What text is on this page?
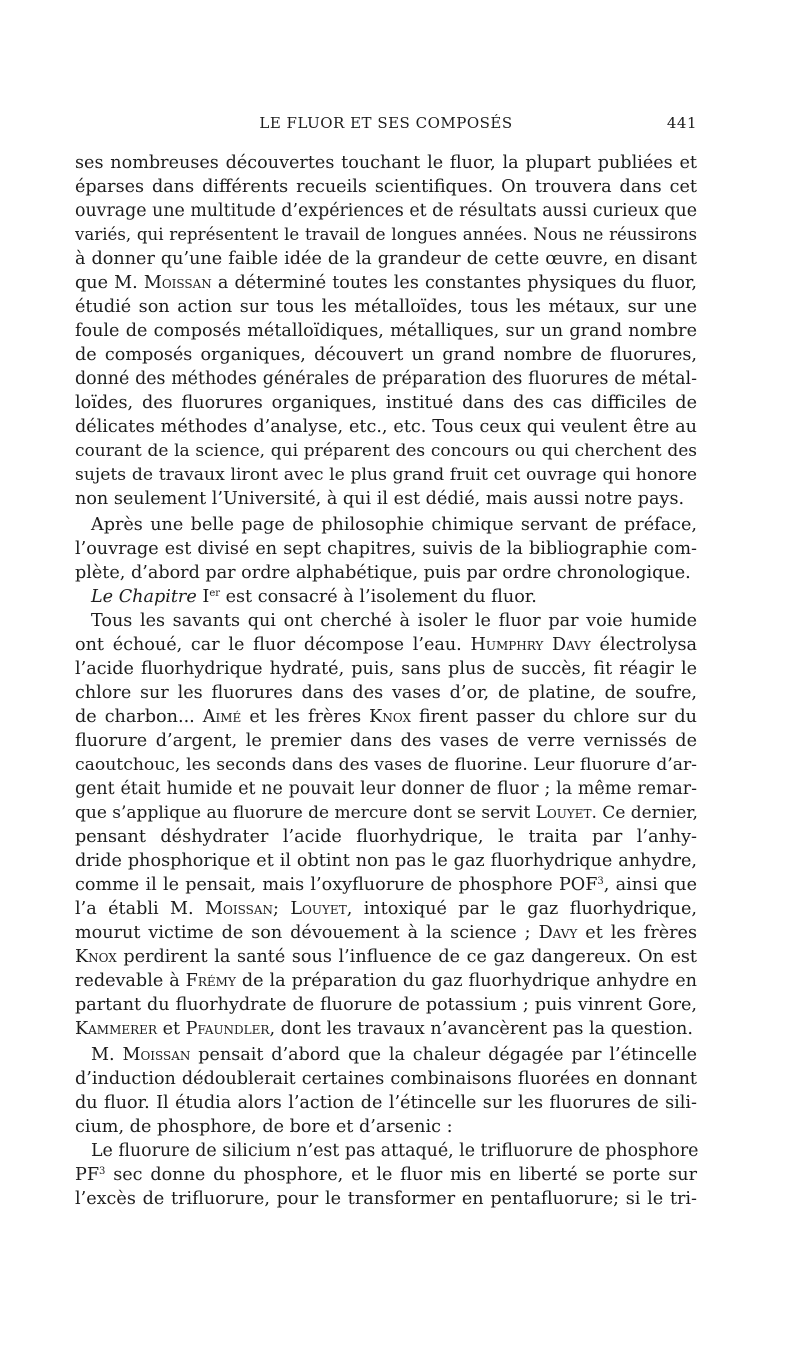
LE FLUOR ET SES COMPOSÉS	441
ses nombreuses découvertes touchant le fluor, la plupart publiées et
éparses dans différents recueils scientifiques. On trouvera dans cet
ouvrage une multitude d’expériences et de résultats aussi curieux que
variés, qui représentent le travail de longues années. Nous ne réussirons
à donner qu’une faible idée de la grandeur de cette œuvre, en disant
que M. Moissan a déterminé toutes les constantes physiques du fluor,
étudié son action sur tous les métalloïdes, tous les métaux, sur une
foule de composés métalloïdiques, métalliques, sur un grand nombre
de composés organiques, découvert un grand nombre de fluorures,
donné des méthodes générales de préparation des fluorures de métal-
loïdes, des fluorures organiques, institué dans des cas difficiles de
délicates méthodes d’analyse, etc., etc. Tous ceux qui veulent être au
courant de la science, qui préparent des concours ou qui cherchent des
sujets de travaux liront avec le plus grand fruit cet ouvrage qui honore
non seulement l’Université, à qui il est dédié, mais aussi notre pays.
Après une belle page de philosophie chimique servant de préface,
l’ouvrage est divisé en sept chapitres, suivis de la bibliographie com-
plète, d’abord par ordre alphabétique, puis par ordre chronologique.
Le Chapitre Ier est consacré à l’isolement du fluor.
Tous les savants qui ont cherché à isoler le fluor par voie humide
ont échoué, car le fluor décompose l’eau. Humphry Davy électrolysa
l’acide fluorhydrique hydraté, puis, sans plus de succès, fit réagir le
chlore sur les fluorures dans des vases d’or, de platine, de soufre,
de charbon... Aimé et les frères Knox firent passer du chlore sur du
fluorure d’argent, le premier dans des vases de verre vernissés de
caoutchouc, les seconds dans des vases de fluorine. Leur fluorure d’ar-
gent était humide et ne pouvait leur donner de fluor ; la même remar-
que s’applique au fluorure de mercure dont se servit Louyet. Ce dernier,
pensant déshydrater l’acide fluorhydrique, le traita par l’anhy-
dride phosphorique et il obtint non pas le gaz fluorhydrique anhydre,
comme il le pensait, mais l’oxyfluorure de phosphore POF$^3$, ainsi que
l’a établi M. Moissan; Louyet, intoxiqué par le gaz fluorhydrique,
mourut victime de son dévouement à la science ; Davy et les frères
Knox perdirent la santé sous l’influence de ce gaz dangereux. On est
redevable à Frémy de la préparation du gaz fluorhydrique anhydre en
partant du fluorhydrate de fluorure de potassium ; puis vinrent Gore,
Kammerer et Pfaundler, dont les travaux n’avancèrent pas la question.
M. Moissan pensait d’abord que la chaleur dégagée par l’étincelle
d’induction dédoublerait certaines combinaisons fluorées en donnant
du fluor. Il étudia alors l’action de l’étincelle sur les fluorures de sili-
cium, de phosphore, de bore et d’arsenic :
Le fluorure de silicium n’est pas attaqué, le trifluorure de phosphore
$PF^3$ sec donne du phosphore, et le fluor mis en liberté se porte sur
l’excès de trifluorure, pour le transformer en pentafluorure; si le tri-
